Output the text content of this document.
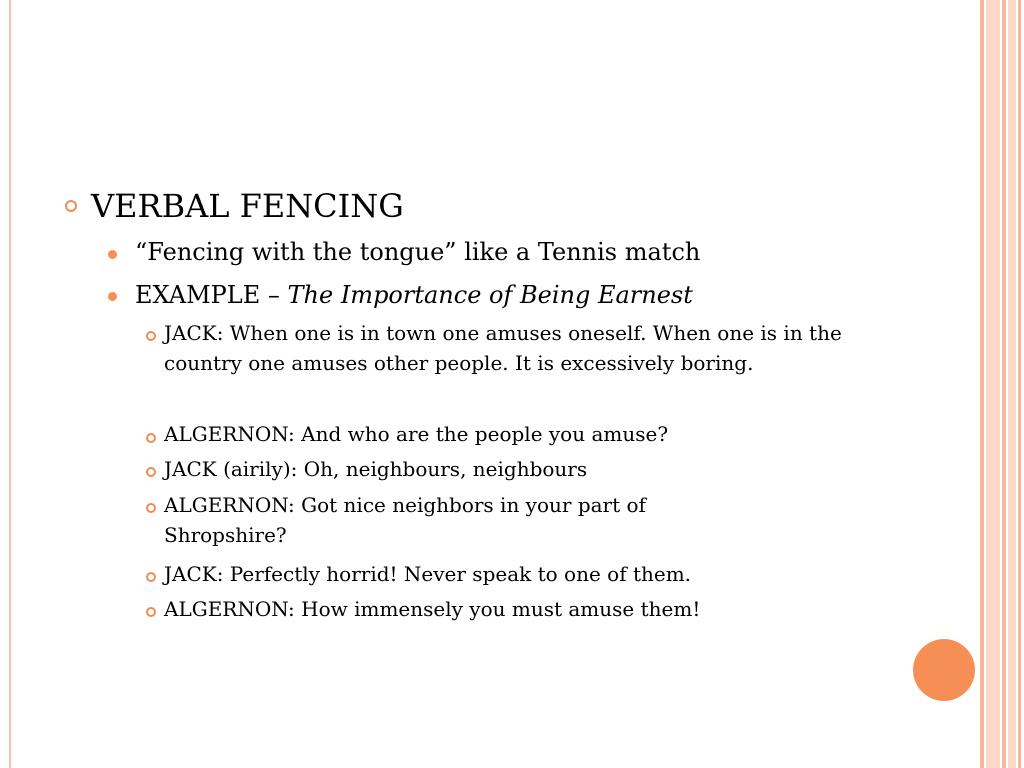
VERBAL FENCING
“Fencing with the tongue” like a Tennis match
EXAMPLE – The Importance of Being Earnest
JACK: When one is in town one amuses oneself. When one is in the country one amuses other people. It is excessively boring.
ALGERNON: And who are the people you amuse?
JACK (airily): Oh, neighbours, neighbours
ALGERNON: Got nice neighbors in your part of Shropshire?
JACK: Perfectly horrid! Never speak to one of them.
ALGERNON: How immensely you must amuse them!
